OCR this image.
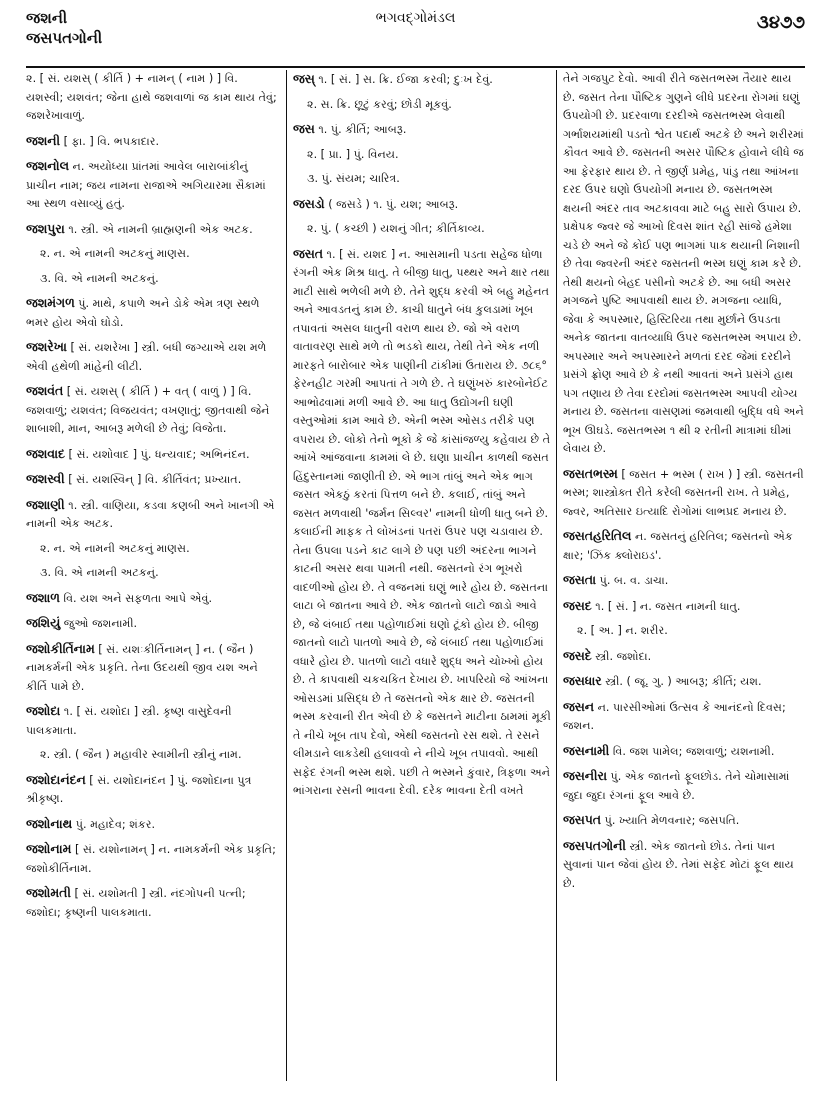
જશની
જસપતગોની
ભગવદ્ગોમંડલ	૩૪૭૭

૨. [ સં. યશસ્ ( કીર્તિ ) + નામન્ ( નામ ) ] વિ. યશસ્વી; યશવંત; જેના હાથે જશવાળાં જ કામ થાય તેવું; જશરેખાવાળું.

જશની [ ફા. ] વિ. ભપકાદાર.

જશનોલ ન. અયોધ્યા પ્રાંતમાં આવેલ બારાબાંકીનું પ્રાચીન નામ; જય નામના રાજાએ અગિયારમા સૈકામાં આ સ્થળ વસાવ્યું હતું.

જશપુરા ૧. સ્ત્રી. એ નામની બ્રાહ્મણની એક અટક.

૨. ન. એ નામની અટકનું માણસ.

૩. વિ. એ નામની અટકનું.

જશમંગળ પું. માથે, કપાળે અને ડોકે એમ ત્રણ સ્થળે ભમર હોય એવો ઘોડો.

જશરેખા [ સં. યશરેખા ] સ્ત્રી. બધી જગ્યાએ યશ મળે એવી હથેળી માંહેની લીટી.

જશવંત [ સં. યશસ્ ( કીર્તિ ) + વત્ ( વાળું ) ] વિ. જશવાળું; યશવંત; વિજયવંત; વખણાતું; જીતવાથી જેને શાબાશી, માન, આબરૂ મળેલી છે તેવું; વિજેતા.

જશવાદ [ સં. યશોવાદ ] પું. ધન્યવાદ; અભિનંદન.

જશસ્વી [ સં. યશસ્વિન્ ] વિ. કીર્તિવંત; પ્રખ્યાત.

જશાણી ૧. સ્ત્રી. વાણિયા, કડવા કણબી અને ખાનગી એ નામની એક અટક.

૨. ન. એ નામની અટકનું માણસ.

૩. વિ. એ નામની અટકનું.

જશાળ વિ. યશ અને સફળતા આપે એવું.

જશિયું જુઓ જશનામી.

જશોકીર્તિનામ [ સં. યશઃકીર્તિનામન્ ] ન. ( જૈન ) નામકર્મની એક પ્રકૃતિ. તેના ઉદયથી જીવ યશ અને કીર્તિ પામે છે.

જશોદા ૧. [ સં. યશોદા ] સ્ત્રી. કૃષ્ણ વાસુદેવની પાલકમાતા.

૨. સ્ત્રી. ( જૈન ) મહાવીર સ્વામીની સ્ત્રીનું નામ.

જશોદાનંદન [ સં. યશોદાનંદન ] પું. જશોદાના પુત્ર શ્રીકૃષ્ણ.

જશોનાથ પું. મહાદેવ; શંકર.

જશોનામ [ સં. યશોનામન્ ] ન. નામકર્મની એક પ્રકૃતિ; જશોકીર્તિનામ.

જશોમતી [ સં. યશોમતી ] સ્ત્રી. નંદગોપની પત્ની; જશોદા; કૃષ્ણની પાલકમાતા.

જસ્ ૧. [ સં. ] સ. ક્રિ. ઈજા કરવી; દુઃખ દેવું.

૨. સ. ક્રિ. છૂટું કરવું; છોડી મૂકવું.

જસ ૧. પું. કીર્તિ; આબરૂ.

૨. [ પ્રા. ] પું. વિનય.

૩. પું. સંયમ; ચારિત્ર.

જસડો ( જસડે ) ૧. પું. યશ; આબરૂ.

૨. પું. ( કચ્છી ) યશનું ગીત; કીર્તિકાવ્ય.

જસત ૧. [ સં. યશદ ] ન. આસમાની પડતા સહેજ ધોળા રંગની એક મિશ્ર ધાતુ. તે બીજી ધાતુ, પથ્થર અને ક્ષાર તથા માટી સાથે ભળેલી મળે છે. તેને શુદ્ધ કરવી એ બહુ મહેનત અને આવડતનું કામ છે. કાચી ધાતુને બંધ કુલડામાં ખૂબ તપાવતાં અસલ ધાતુની વરાળ થાય છે. જો એ વરાળ વાતાવરણ સાથે મળે તો ભડકો થાય, તેથી તેને એક નળી મારફતે બારોબાર એક પાણીની ટાંકીમાં ઉતારાય છે. ૭૮૬° ફેરનહીટ ગરમી આપતાં તે ગળે છે. તે ઘણુંખરું કારબોનેઈટ આભોઢવામાં મળી આવે છે. આ ધાતુ ઉદ્યોગની ઘણી વસ્તુઓમાં કામ આવે છે. એની ભસ્મ ઓસડ તરીકે પણ વપરાય છે. લોકો તેનો ભૂકો કે જે કાંસાંજળ્યુ કહેવાય છે તે આંખે આંજવાના કામમાં લે છે. ઘણા પ્રાચીન કાળથી જસત હિંદુસ્તાનમાં જાણીતી છે. એ ભાગ તાંબું અને એક ભાગ જસત એકઠું કરતાં પિત્તળ બને છે. કલાઈ, તાંબું અને જસત મળવાથી 'જર્મન સિલ્વર' નામની ધોળી ધાતુ બને છે. કલાઈની માફક તે લોખંડનાં પતરાં ઉપર પણ ચડાવાય છે. તેના ઉપલા પડને કાટ લાગે છે પણ પછી અંદરના ભાગને કાટની અસર થવા પામતી નથી. જસતનો રંગ ભૂખરો વાદળીઓ હોય છે. તે વજનમાં ઘણું ભારે હોય છે. જસતના લાટા બે જાતના આવે છે. એક જાતનો લાટો જાડો આવે છે, જે લંબાઈ તથા પહોળાઈમાં ઘણો ટૂંકો હોય છે. બીજી જાતનો લાટો પાતળો આવે છે, જે લંબાઈ તથા પહોળાઈમાં વધારે હોય છે. પાતળો લાટો વધારે શુદ્ધ અને ચોખ્ખો હોય છે. તે કાપવાથી ચકચકિત દેખાય છે. ખાપરિયો જે આંખના ઓસડમાં પ્રસિદ્ધ છે તે જસતનો એક ક્ષાર છે. જસતની ભસ્મ કરવાની રીત એવી છે કે જસતને માટીના ઠામમાં મૂકી તે નીચે ખૂબ તાપ દેવો, એથી જસતનો રસ થશે. તે રસને લીમડાને લાકડેથી હલાવવો ને નીચે ખૂબ તપાવવો. આથી સફેદ રંગની ભસ્મ થશે. પછી તે ભસ્મને કુંવાર, ત્રિફળા અને ભાંગરાના રસની ભાવના દેવી. દરેક ભાવના દેતી વખતે

તેને ગજપુટ દેવો. આવી રીતે જસતભસ્મ તૈયાર થાય છે. જસત તેના પૌષ્ટિક ગુણને લીધે પ્રદરના રોગમાં ઘણું ઉપયોગી છે. પ્રદરવાળા દરદીએ જસતભસ્મ લેવાથી ગર્ભાશયમાંથી પડતો શ્વેત પદાર્થ અટકે છે અને શરીરમાં કૌવત આવે છે. જસતની અસર પૌષ્ટિક હોવાને લીધે જ આ ફેરફાર થાય છે. તે જીર્ણ પ્રમેહ, પાંડુ તથા આંખના દરદ ઉપર ઘણો ઉપયોગી મનાય છે. જસતભસ્મ ક્ષયની અંદર તાવ અટકાવવા માટે બહુ સારો ઉપાય છે. પ્રક્ષેપક જ્વર જે આખો દિવસ શાંત રહી સાંજે હમેશા ચડે છે અને જે કોઈ પણ ભાગમાં પાક થયાની નિશાની છે તેવા જ્વરની અંદર જસતની ભસ્મ ઘણું કામ કરે છે. તેથી ક્ષયનો બેહદ પસીનો અટકે છે. આ બધી અસર મગજને પુષ્ટિ આપવાથી થાય છે. મગજના વ્યાધિ, જેવા કે અપસ્માર, હિસ્ટિરિયા તથા મુર્છાને ઉપડતા અનેક જાતના વાતવ્યાધિ ઉપર જસતભસ્મ અપાય છે. અપસ્માર અને અપસ્મારને મળતાં દરદ જેમાં દરદીને પ્રસંગે ફ્રોણ આવે છે કે નથી આવતાં અને પ્રસંગે હાથ પગ તણાય છે તેવા દરદોમાં જસતભસ્મ આપવી યોગ્ય મનાય છે. જસતના વાસણમાં જમવાથી બુદ્ધિ વધે અને ભૂખ ઊઘડે. જસતભસ્મ ૧ થી ૨ રતીની માત્રામાં ઘીમાં લેવાય છે.

જસતભસ્મ [ જસત + ભસ્મ ( રાખ ) ] સ્ત્રી. જસતની ભસ્મ; શાસ્ત્રોક્ત રીતે કરેલી જસતની રાખ. તે પ્રમેહ, જ્વર, અતિસાર ઇત્યાદિ રોગોમાં લાભપ્રદ મનાય છે.

જસતહરિતિલ ન. જસતનું હરિતિલ; જસતનો એક ક્ષાર; 'ઝિંક ક્લોરાઇડ'.

જસતા પું. બ. વ. ડાચા.

જસદ ૧. [ સં. ] ન. જસત નામની ધાતુ.

૨. [ અ. ] ન. શરીર.

જસદે સ્ત્રી. જશોદા.

જસધાર સ્ત્રી. ( જૂ. ગુ. ) આબરૂ; કીર્તિ; યશ.

જસન ન. પારસીઓમાં ઉત્સવ કે આનંદનો દિવસ; જશન.

જસનામી વિ. જશ પામેલ; જશવાળું; યશનામી.

જસનીરા પું. એક જાતનો ફૂલછોડ. તેને ચોમાસામાં જુદા જુદા રંગનાં ફૂલ આવે છે.

જસપત પું. ખ્યાતિ મેળવનાર; જસપતિ.

જસપતગોની સ્ત્રી. એક જાતનો છોડ. તેનાં પાન સુવાનાં પાન જેવાં હોય છે. તેમાં સફેદ મોટાં ફૂલ થાય છે.
